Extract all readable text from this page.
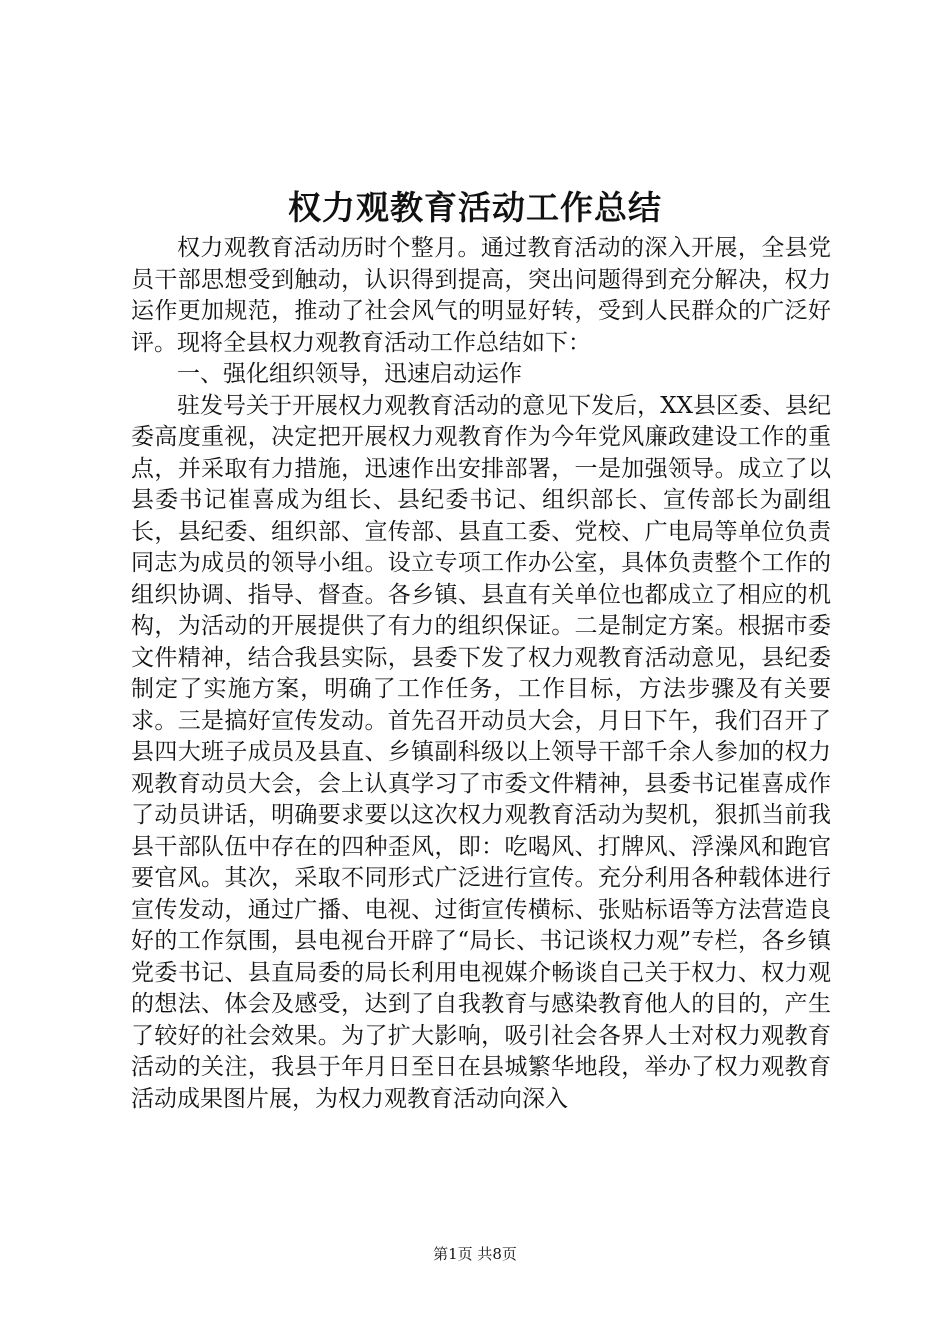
权力观教育活动工作总结

权力观教育活动历时个整月。通过教育活动的深入开展，全县党员干部思想受到触动，认识得到提高，突出问题得到充分解决，权力运作更加规范，推动了社会风气的明显好转，受到人民群众的广泛好评。现将全县权力观教育活动工作总结如下：

一、强化组织领导，迅速启动运作

驻发号关于开展权力观教育活动的意见下发后，XX县区委、县纪委高度重视，决定把开展权力观教育作为今年党风廉政建设工作的重点，并采取有力措施，迅速作出安排部署，一是加强领导。成立了以县委书记崔喜成为组长、县纪委书记、组织部长、宣传部长为副组长，县纪委、组织部、宣传部、县直工委、党校、广电局等单位负责同志为成员的领导小组。设立专项工作办公室，具体负责整个工作的组织协调、指导、督查。各乡镇、县直有关单位也都成立了相应的机构，为活动的开展提供了有力的组织保证。二是制定方案。根据市委文件精神，结合我县实际，县委下发了权力观教育活动意见，县纪委制定了实施方案，明确了工作任务，工作目标，方法步骤及有关要求。三是搞好宣传发动。首先召开动员大会，月日下午，我们召开了县四大班子成员及县直、乡镇副科级以上领导干部千余人参加的权力观教育动员大会，会上认真学习了市委文件精神，县委书记崔喜成作了动员讲话，明确要求要以这次权力观教育活动为契机，狠抓当前我县干部队伍中存在的四种歪风，即：吃喝风、打牌风、浮澡风和跑官要官风。其次，采取不同形式广泛进行宣传。充分利用各种载体进行宣传发动，通过广播、电视、过街宣传横标、张贴标语等方法营造良好的工作氛围，县电视台开辟了“局长、书记谈权力观”专栏，各乡镇党委书记、县直局委的局长利用电视媒介畅谈自己关于权力、权力观的想法、体会及感受，达到了自我教育与感染教育他人的目的，产生了较好的社会效果。为了扩大影响，吸引社会各界人士对权力观教育活动的关注，我县于年月日至日在县城繁华地段，举办了权力观教育活动成果图片展，为权力观教育活动向深入

第1页 共8页
